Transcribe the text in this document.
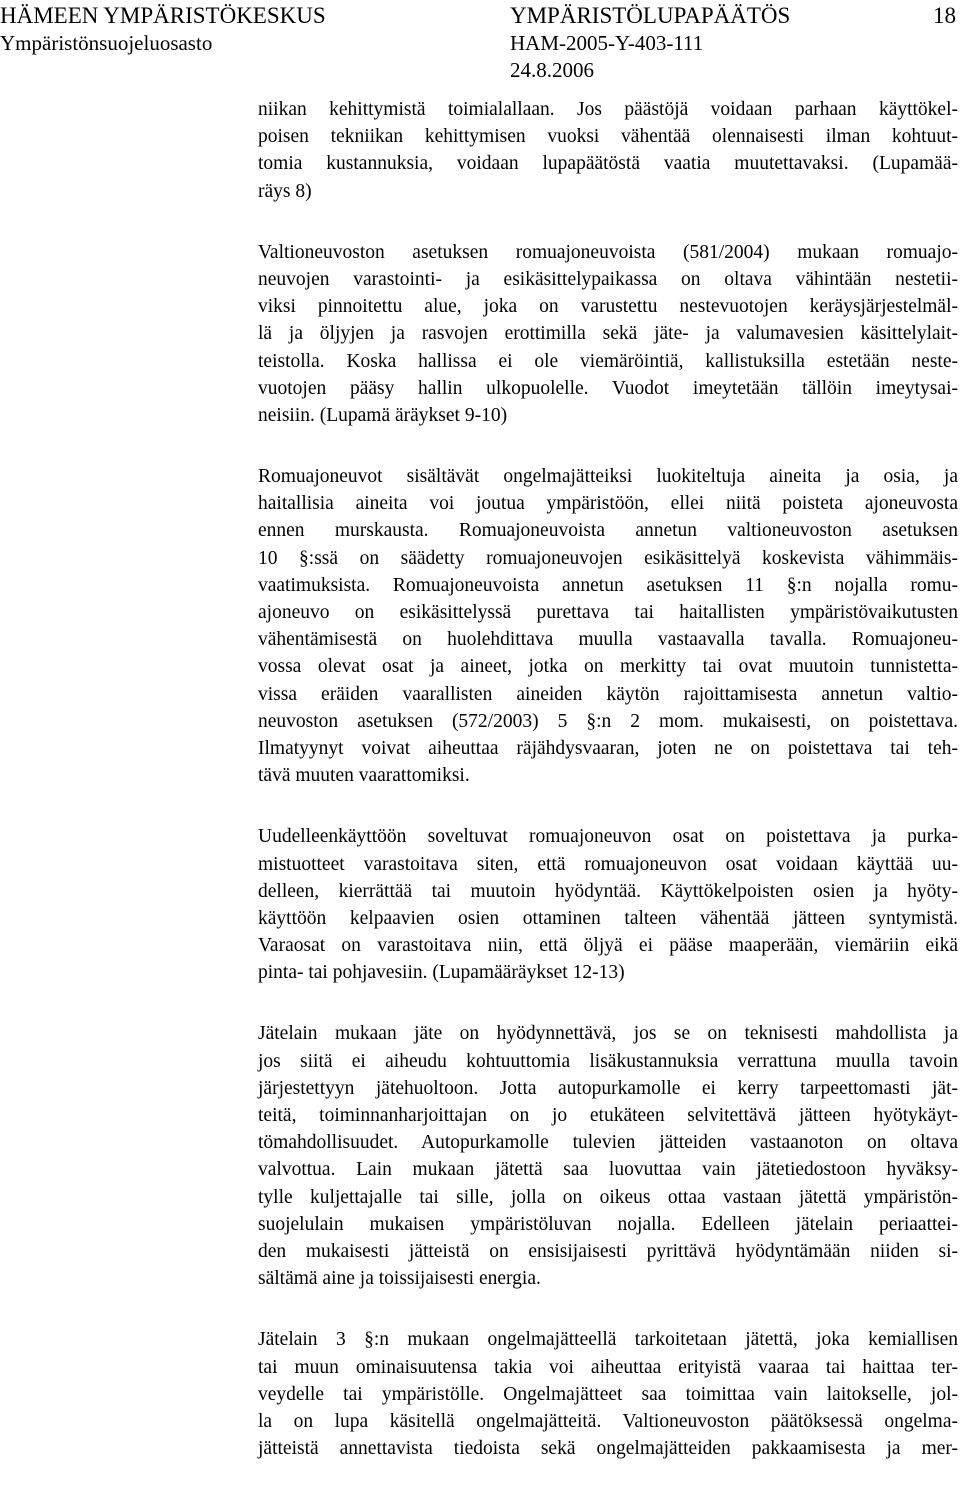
HÄMEEN YMPÄRISTÖKESKUS

Ympäristönsuojeluosasto

YMPÄRISTÖLUPAPÄÄTÖS

HAM-2005-Y-403-111

24.8.2006

18

niikan kehittymistä toimialallaan. Jos päästöjä voidaan parhaan käyttökel-
poisen tekniikan kehittymisen vuoksi vähentää olennaisesti ilman kohtuut-
tomia kustannuksia, voidaan lupapäätöstä vaatia muutettavaksi. (Lupamää-
räys 8)
Valtioneuvoston asetuksen romuajoneuvoista (581/2004) mukaan romuajo-
neuvojen varastointi- ja esikäsittelypaikassa on oltava vähintään nestetii-
viksi pinnoitettu alue, joka on varustettu nestevuotojen keräysjärjestelmäl-
lä ja öljyjen ja rasvojen erottimilla sekä jäte- ja valumavesien käsittelylait-
teistolla. Koska hallissa ei ole viemäröintiä, kallistuksilla estetään neste-
vuotojen pääsy hallin ulkopuolelle. Vuodot imeytetään tällöin imeytysai-
neisiin. (Lupamä äräykset 9-10)
Romuajoneuvot sisältävät ongelmajätteiksi luokiteltuja aineita ja osia, ja
haitallisia aineita voi joutua ympäristöön, ellei niitä poisteta ajoneuvosta
ennen murskausta. Romuajoneuvoista annetun valtioneuvoston asetuksen
10 §:ssä on säädetty romuajoneuvojen esikäsittelyä koskevista vähimmäis-
vaatimuksista. Romuajoneuvoista annetun asetuksen 11 §:n nojalla romu-
ajoneuvo on esikäsittelyssä purettava tai haitallisten ympäristövaikutusten
vähentämisestä on huolehdittava muulla vastaavalla tavalla. Romuajoneu-
vossa olevat osat ja aineet, jotka on merkitty tai ovat muutoin tunnistetta-
vissa eräiden vaarallisten aineiden käytön rajoittamisesta annetun valtio-
neuvoston asetuksen (572/2003) 5 §:n 2 mom. mukaisesti, on poistettava.
Ilmatyynyt voivat aiheuttaa räjähdysvaaran, joten ne on poistettava tai teh-
tävä muuten vaarattomiksi.
Uudelleenkäyttöön soveltuvat romuajoneuvon osat on poistettava ja purka-
mistuotteet varastoitava siten, että romuajoneuvon osat voidaan käyttää uu-
delleen, kierrättää tai muutoin hyödyntää. Käyttökelpoisten osien ja hyöty-
käyttöön kelpaavien osien ottaminen talteen vähentää jätteen syntymistä.
Varaosat on varastoitava niin, että öljyä ei pääse maaperään, viemäriin eikä
pinta- tai pohjavesiin. (Lupamääräykset 12-13)
Jätelain mukaan jäte on hyödynnettävä, jos se on teknisesti mahdollista ja
jos siitä ei aiheudu kohtuuttomia lisäkustannuksia verrattuna muulla tavoin
järjestettyyn jätehuoltoon. Jotta autopurkamolle ei kerry tarpeettomasti jät-
teitä, toiminnanharjoittajan on jo etukäteen selvitettävä jätteen hyötykäyt-
tömahdollisuudet. Autopurkamolle tulevien jätteiden vastaanoton on oltava
valvottua. Lain mukaan jätettä saa luovuttaa vain jätetiedostoon hyväksy-
tylle kuljettajalle tai sille, jolla on oikeus ottaa vastaan jätettä ympäristön-
suojelulain mukaisen ympäristöluvan nojalla. Edelleen jätelain periaattei-
den mukaisesti jätteistä on ensisijaisesti pyrittävä hyödyntämään niiden si-
sältämä aine ja toissijaisesti energia.
Jätelain 3 §:n mukaan ongelmajätteellä tarkoitetaan jätettä, joka kemiallisen
tai muun ominaisuutensa takia voi aiheuttaa erityistä vaaraa tai haittaa ter-
veydelle tai ympäristölle. Ongelmajätteet saa toimittaa vain laitokselle, jol-
la on lupa käsitellä ongelmajätteitä. Valtioneuvoston päätöksessä ongelma-
jätteistä annettavista tiedoista sekä ongelmajätteiden pakkaamisesta ja mer-
